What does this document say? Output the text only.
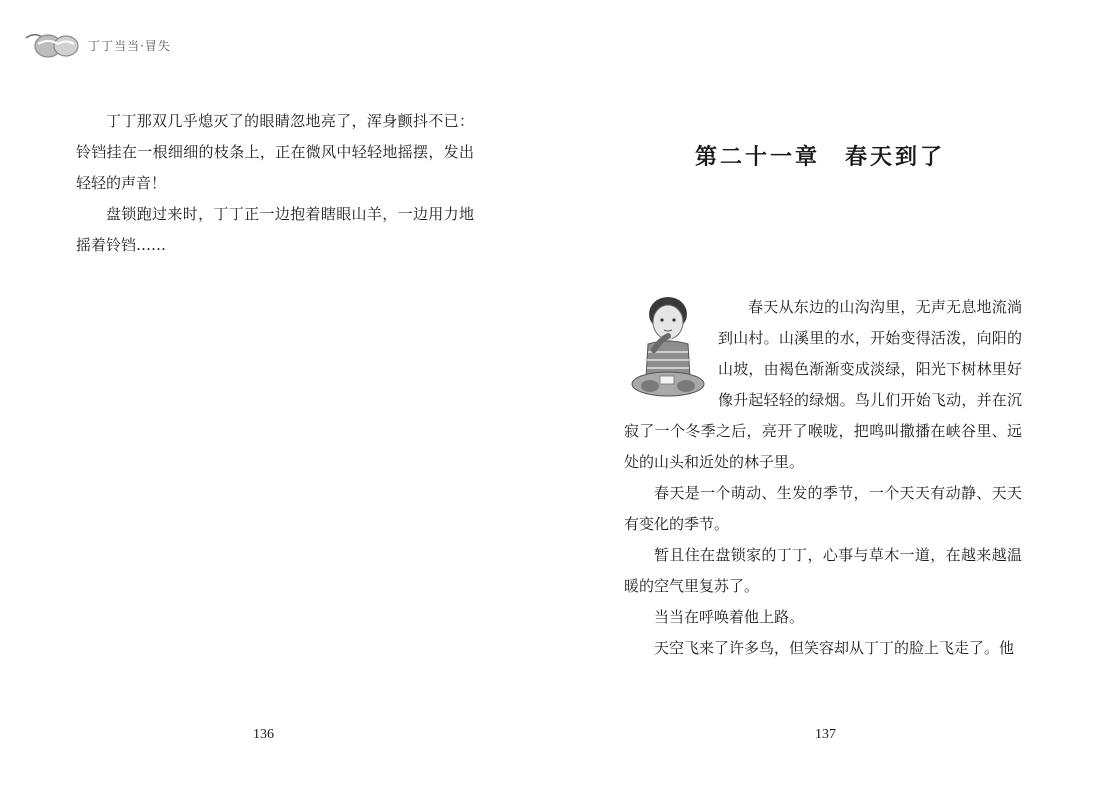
丁丁当当·冒失

丁丁那双几乎熄灭了的眼睛忽地亮了，浑身颤抖不已：铃铛挂在一根细细的枝条上，正在微风中轻轻地摇摆，发出轻轻的声音！

盘锁跑过来时，丁丁正一边抱着瞎眼山羊，一边用力地摇着铃铛……

第二十一章　春天到了

春天从东边的山沟沟里，无声无息地流淌到山村。山溪里的水，开始变得活泼，向阳的山坡，由褐色渐渐变成淡绿，阳光下树林里好像升起轻轻的绿烟。鸟儿们开始飞动，并在沉寂了一个冬季之后，亮开了喉咙，把鸣叫撒播在峡谷里、远处的山头和近处的林子里。

春天是一个萌动、生发的季节，一个天天有动静、天天有变化的季节。

暂且住在盘锁家的丁丁，心事与草木一道，在越来越温暖的空气里复苏了。

当当在呼唤着他上路。

天空飞来了许多鸟，但笑容却从丁丁的脸上飞走了。他

136	137
